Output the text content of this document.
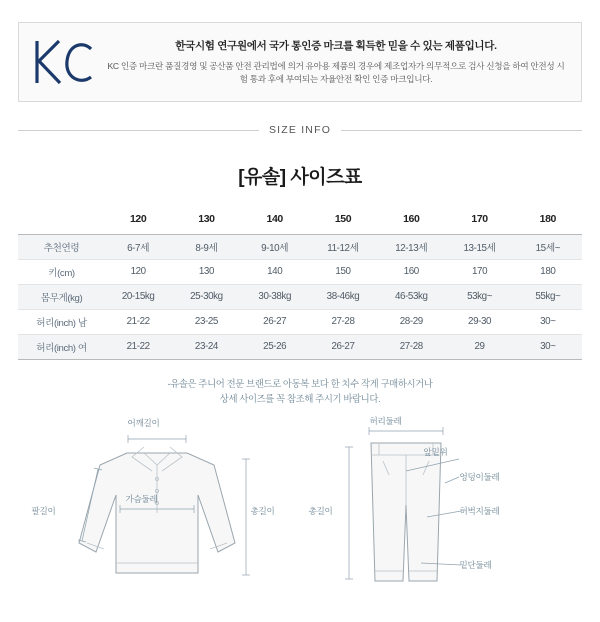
한국시험 연구원에서 국가 통인증 마크를 획득한 믿을 수 있는 제품입니다.
KC 인증 마크란 품질경영 및 공산품 안전 관리법에 의거 유아용 제품의 경우에 제조업자가 의무적으로 검사 신청을 하여 안전성 시험 통과 후에 부여되는 자율안전 확인 인증 마크입니다.
SIZE INFO
[유솔] 사이즈표
	120	130	140	150	160	170	180
추천연령	6-7세	8-9세	9-10세	11-12세	12-13세	13-15세	15세~
키(cm)	120	130	140	150	160	170	180
몸무게(kg)	20-15kg	25-30kg	30-38kg	38-46kg	46-53kg	53kg~	55kg~
허리(inch) 남	21-22	23-25	26-27	27-28	28-29	29-30	30~
허리(inch) 여	21-22	23-24	25-26	26-27	27-28	29	30~
-유솔은 주니어 전문 브랜드로 아동복 보다 한 치수 작게 구매하시거나
상세 사이즈를 꼭 참조해 주시기 바랍니다.
어깨길이
가슴둘레
팔길이	총길이
허리둘레
앞밑위
엉덩이둘레
허벅지둘레
밑단둘레
총길이
